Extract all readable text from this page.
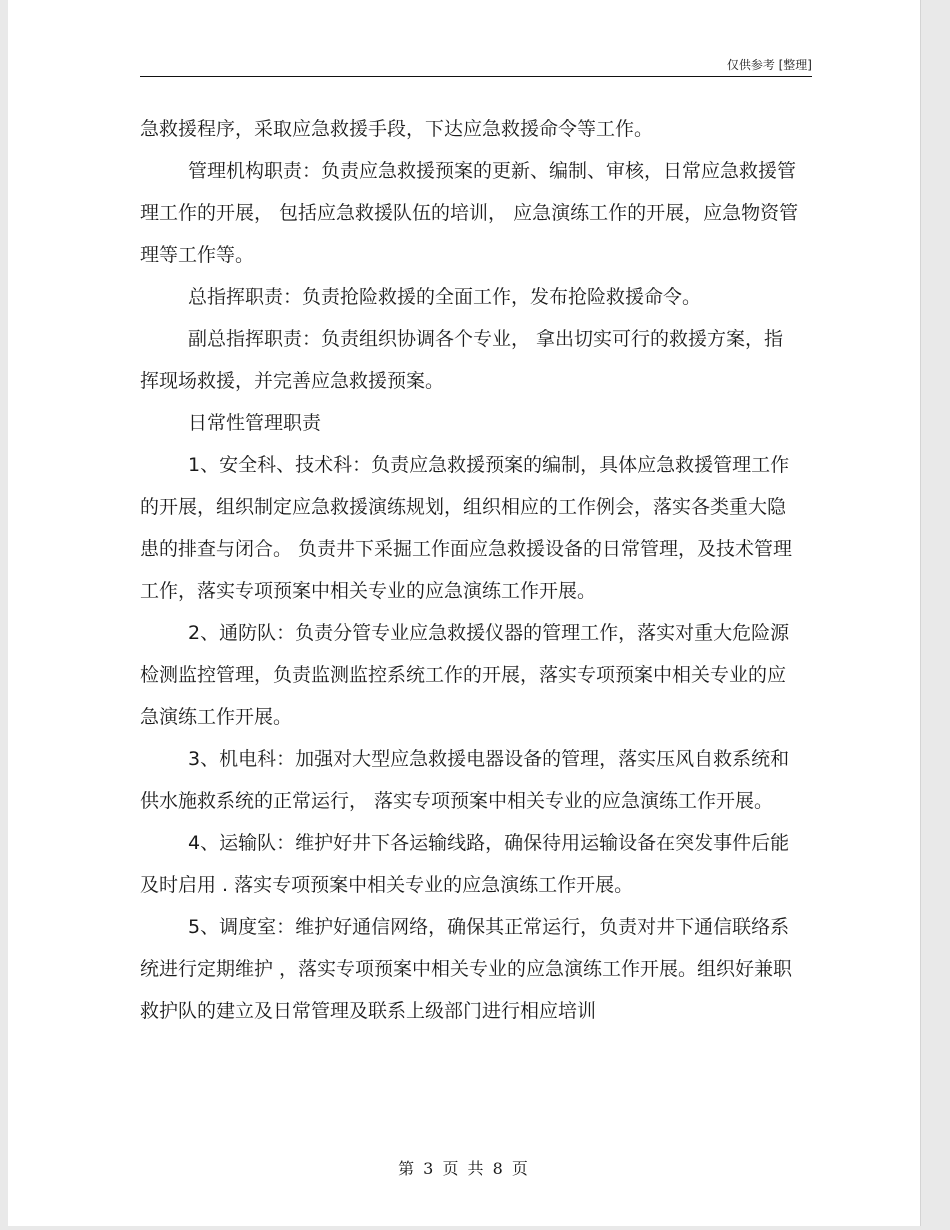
仅供参考 [整理]

急救援程序，采取应急救援手段，下达应急救援命令等工作。

管理机构职责：负责应急救援预案的更新、编制、审核，日常应急救援管理工作的开展， 包括应急救援队伍的培训， 应急演练工作的开展，应急物资管理等工作等。

总指挥职责：负责抢险救援的全面工作，发布抢险救援命令。

副总指挥职责：负责组织协调各个专业， 拿出切实可行的救援方案，指挥现场救援，并完善应急救援预案。

日常性管理职责

1、安全科、技术科：负责应急救援预案的编制，具体应急救援管理工作的开展，组织制定应急救援演练规划，组织相应的工作例会，落实各类重大隐患的排查与闭合。 负责井下采掘工作面应急救援设备的日常管理，及技术管理工作，落实专项预案中相关专业的应急演练工作开展。

2、通防队：负责分管专业应急救援仪器的管理工作，落实对重大危险源检测监控管理，负责监测监控系统工作的开展，落实专项预案中相关专业的应急演练工作开展。

3、机电科：加强对大型应急救援电器设备的管理，落实压风自救系统和供水施救系统的正常运行， 落实专项预案中相关专业的应急演练工作开展。

4、运输队：维护好井下各运输线路，确保待用运输设备在突发事件后能及时启用 . 落实专项预案中相关专业的应急演练工作开展。

5、调度室：维护好通信网络，确保其正常运行，负责对井下通信联络系统进行定期维护 ，落实专项预案中相关专业的应急演练工作开展。组织好兼职救护队的建立及日常管理及联系上级部门进行相应培训

第 3 页 共 8 页
